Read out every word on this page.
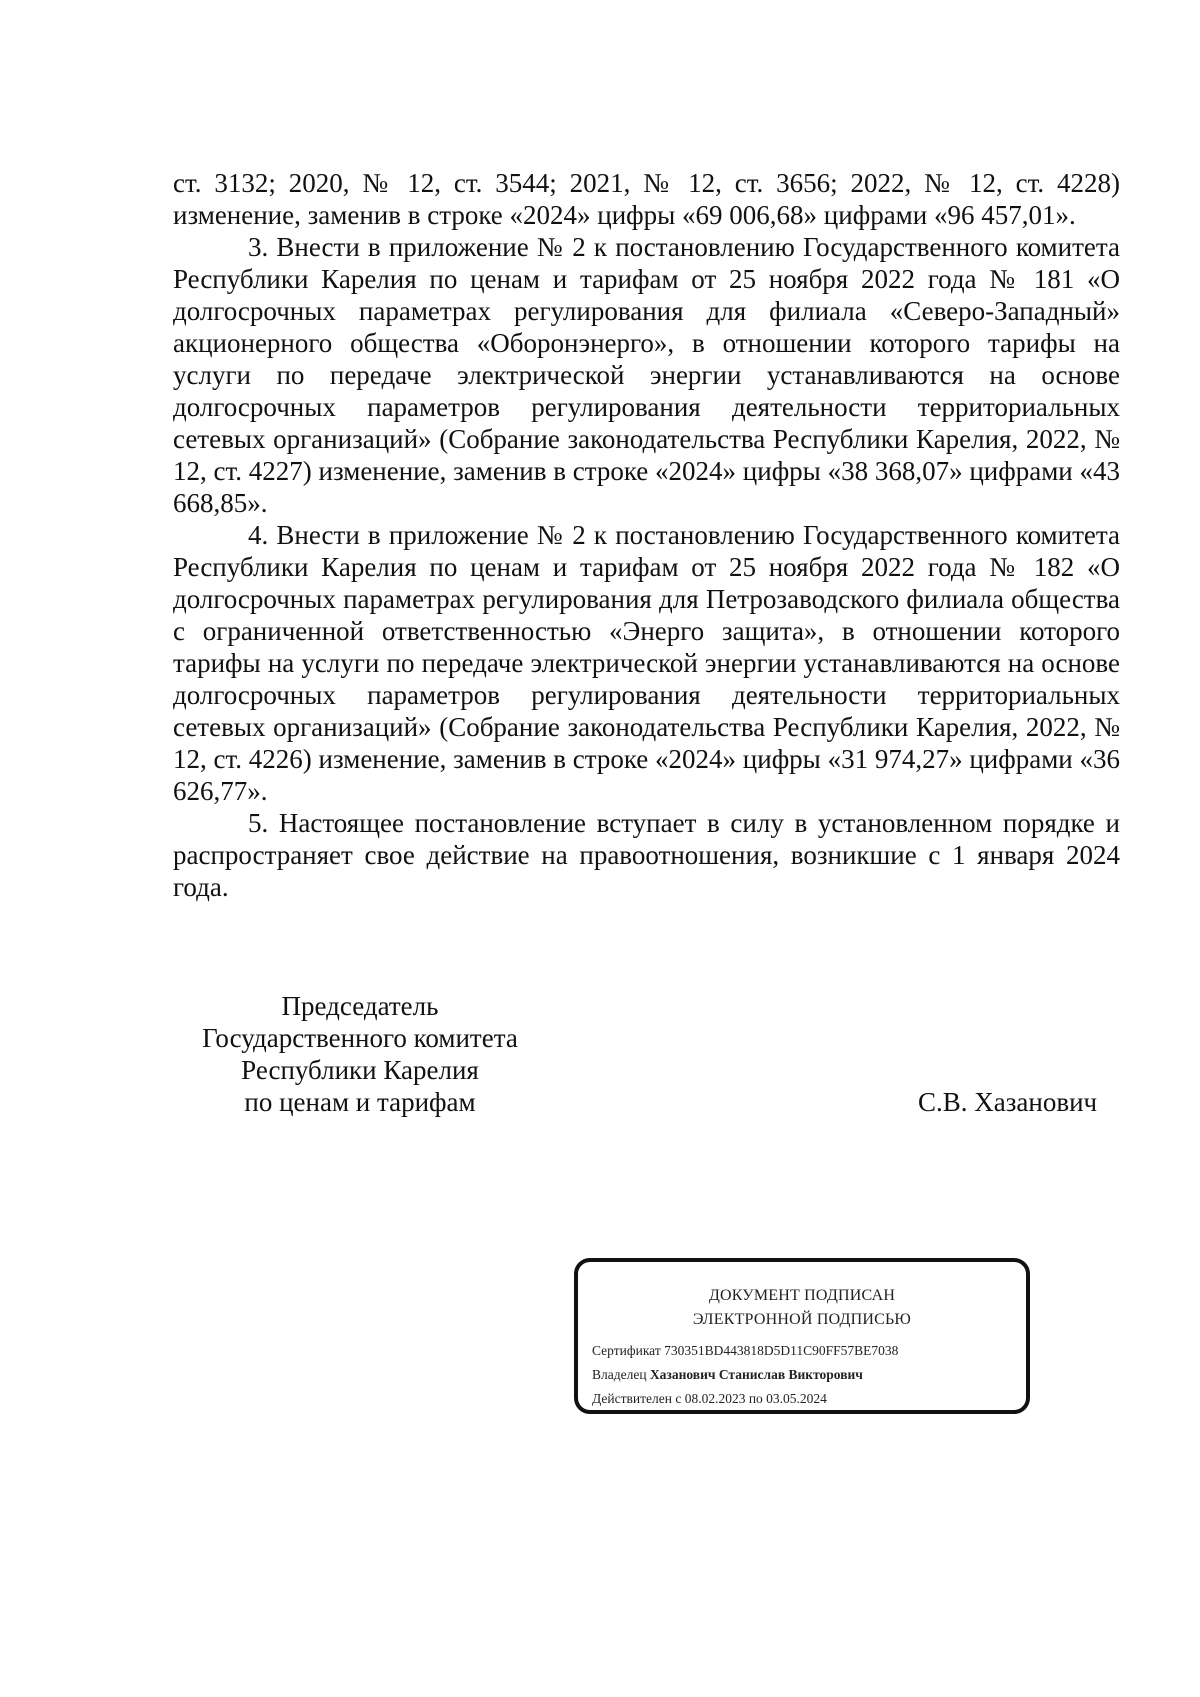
ст. 3132; 2020, № 12, ст. 3544; 2021, № 12, ст. 3656; 2022, № 12, ст. 4228) изменение, заменив в строке «2024» цифры «69 006,68» цифрами «96 457,01».

3. Внести в приложение № 2 к постановлению Государственного комитета Республики Карелия по ценам и тарифам от 25 ноября 2022 года № 181 «О долгосрочных параметрах регулирования для филиала «Северо-Западный» акционерного общества «Оборонэнерго», в отношении которого тарифы на услуги по передаче электрической энергии устанавливаются на основе долгосрочных параметров регулирования деятельности территориальных сетевых организаций» (Собрание законодательства Республики Карелия, 2022, № 12, ст. 4227) изменение, заменив в строке «2024» цифры «38 368,07» цифрами «43 668,85».

4. Внести в приложение № 2 к постановлению Государственного комитета Республики Карелия по ценам и тарифам от 25 ноября 2022 года № 182 «О долгосрочных параметрах регулирования для Петрозаводского филиала общества с ограниченной ответственностью «Энерго защита», в отношении которого тарифы на услуги по передаче электрической энергии устанавливаются на основе долгосрочных параметров регулирования деятельности территориальных сетевых организаций» (Собрание законодательства Республики Карелия, 2022, № 12, ст. 4226) изменение, заменив в строке «2024» цифры «31 974,27» цифрами «36 626,77».

5. Настоящее постановление вступает в силу в установленном порядке и распространяет свое действие на правоотношения, возникшие с 1 января 2024 года.

Председатель
Государственного комитета
Республики Карелия
по ценам и тарифам	С.В. Хазанович
ДОКУМЕНТ ПОДПИСАН
ЭЛЕКТРОННОЙ ПОДПИСЬЮ
Сертификат 730351BD443818D5D11C90FF57BE7038
Владелец Хазанович Станислав Викторович
Действителен с 08.02.2023 по 03.05.2024
